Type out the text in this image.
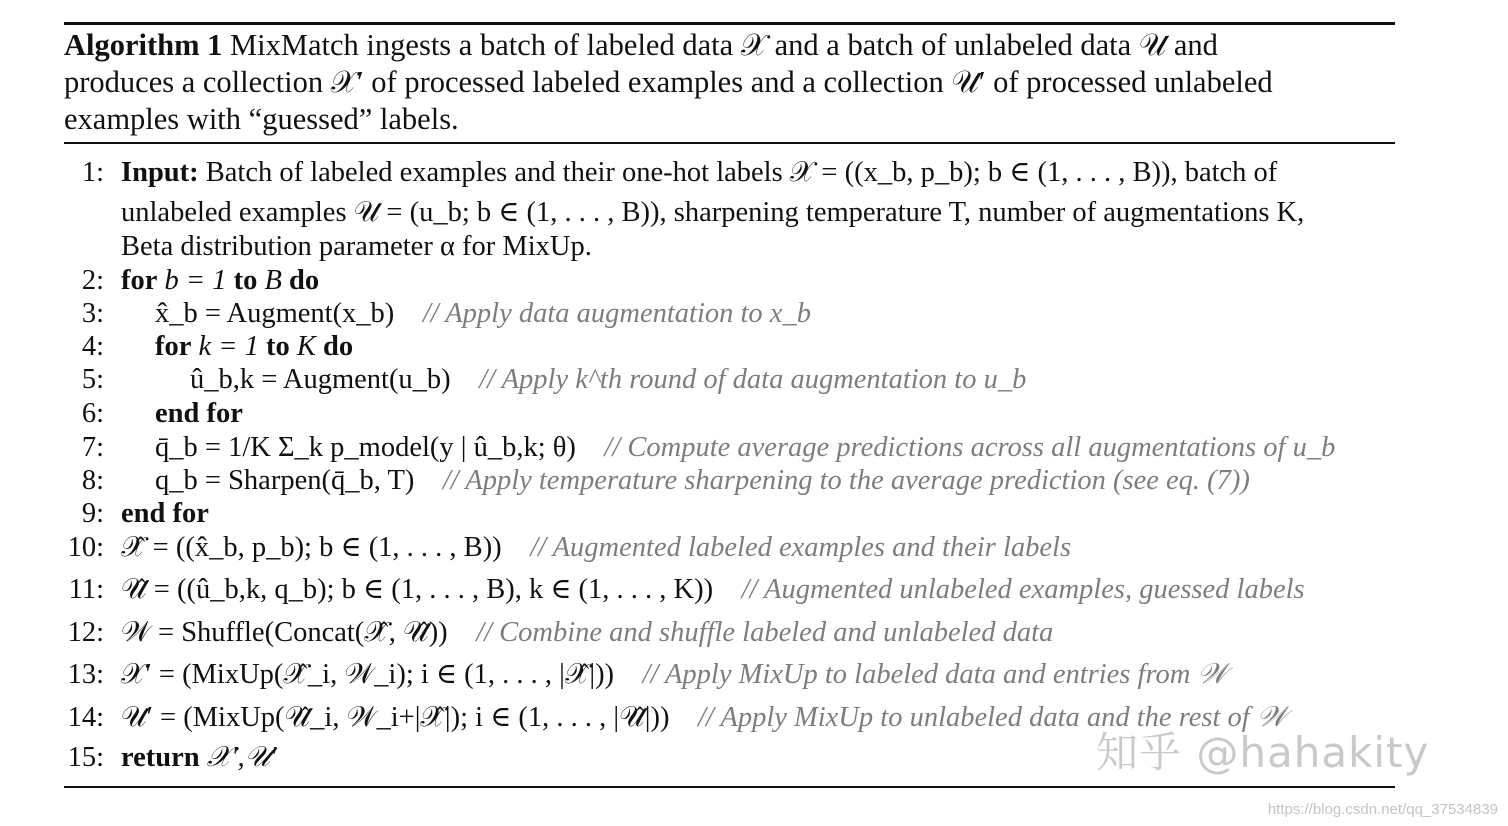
Algorithm 1 MixMatch ingests a batch of labeled data 𝒳 and a batch of unlabeled data 𝒰 and
produces a collection 𝒳′ of processed labeled examples and a collection 𝒰′ of processed unlabeled
examples with “guessed” labels.
1: Input: Batch of labeled examples and their one-hot labels 𝒳 = ((x_b, p_b); b ∈ (1, . . . , B)), batch of
unlabeled examples 𝒰 = (u_b; b ∈ (1, . . . , B)), sharpening temperature T, number of augmentations K,
Beta distribution parameter α for MixUp.
2: for b = 1 to B do
3: x̂_b = Augment(x_b) // Apply data augmentation to x_b
4: for k = 1 to K do
5:	û_b,k = Augment(u_b) // Apply k^th round of data augmentation to u_b
6: end for
7: q̄_b = 1/K Σ_k p_model(y | û_b,k; θ) // Compute average predictions across all augmentations of u_b
8: q_b = Sharpen(q̄_b, T) // Apply temperature sharpening to the average prediction (see eq. (7))
9: end for
10: 𝒳̂ = ((x̂_b, p_b); b ∈ (1, . . . , B)) // Augmented labeled examples and their labels
11: 𝒰̂ = ((û_b,k, q_b); b ∈ (1, . . . , B), k ∈ (1, . . . , K)) // Augmented unlabeled examples, guessed labels
12: 𝒲 = Shuffle(Concat(𝒳̂, 𝒰̂)) // Combine and shuffle labeled and unlabeled data
13: 𝒳′ = (MixUp(𝒳̂_i, 𝒲_i); i ∈ (1, . . . , |𝒳̂|)) // Apply MixUp to labeled data and entries from 𝒲
14: 𝒰′ = (MixUp(𝒰̂_i, 𝒲_i+|𝒳̂|); i ∈ (1, . . . , |𝒰̂|)) // Apply MixUp to unlabeled data and the rest of 𝒲
15: return 𝒳′,𝒰′	知乎 @hahakity
https://blog.csdn.net/qq_37534839
